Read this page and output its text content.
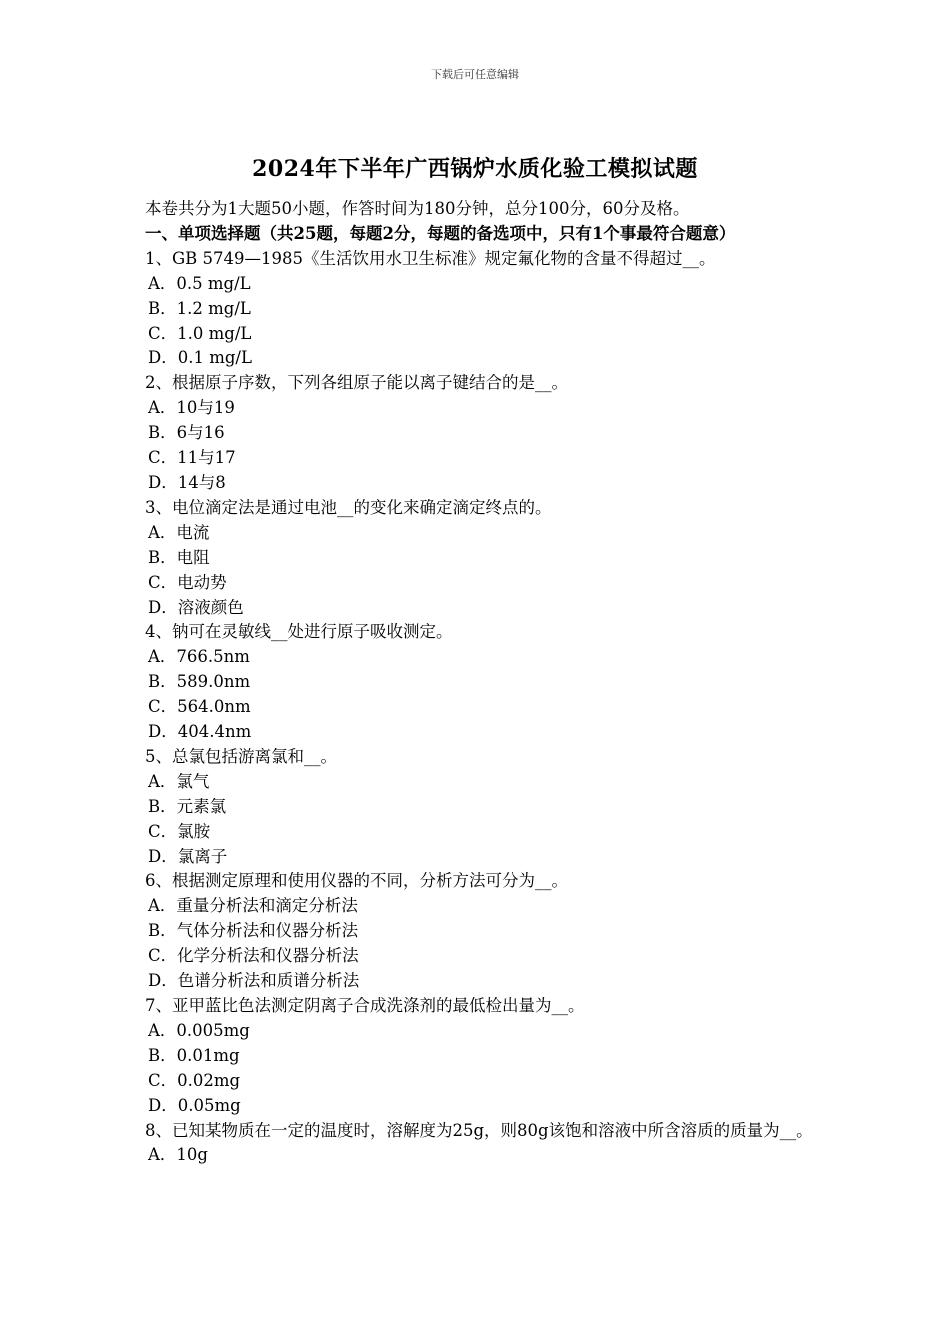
下载后可任意编辑
2024年下半年广西锅炉水质化验工模拟试题
本卷共分为1大题50小题，作答时间为180分钟，总分100分，60分及格。
一、单项选择题（共25题，每题2分，每题的备选项中，只有1个事最符合题意）
1、GB 5749—1985《生活饮用水卫生标准》规定氟化物的含量不得超过__。
A．0.5 mg/L
B．1.2 mg/L
C．1.0 mg/L
D．0.1 mg/L
2、根据原子序数，下列各组原子能以离子键结合的是__。
A．10与19
B．6与16
C．11与17
D．14与8
3、电位滴定法是通过电池__的变化来确定滴定终点的。
A．电流
B．电阻
C．电动势
D．溶液颜色
4、钠可在灵敏线__处进行原子吸收测定。
A．766.5nm
B．589.0nm
C．564.0nm
D．404.4nm
5、总氯包括游离氯和__。
A．氯气
B．元素氯
C．氯胺
D．氯离子
6、根据测定原理和使用仪器的不同，分析方法可分为__。
A．重量分析法和滴定分析法
B．气体分析法和仪器分析法
C．化学分析法和仪器分析法
D．色谱分析法和质谱分析法
7、亚甲蓝比色法测定阴离子合成洗涤剂的最低检出量为__。
A．0.005mg
B．0.01mg
C．0.02mg
D．0.05mg
8、已知某物质在一定的温度时，溶解度为25g，则80g该饱和溶液中所含溶质的质量为__。
A．10g
